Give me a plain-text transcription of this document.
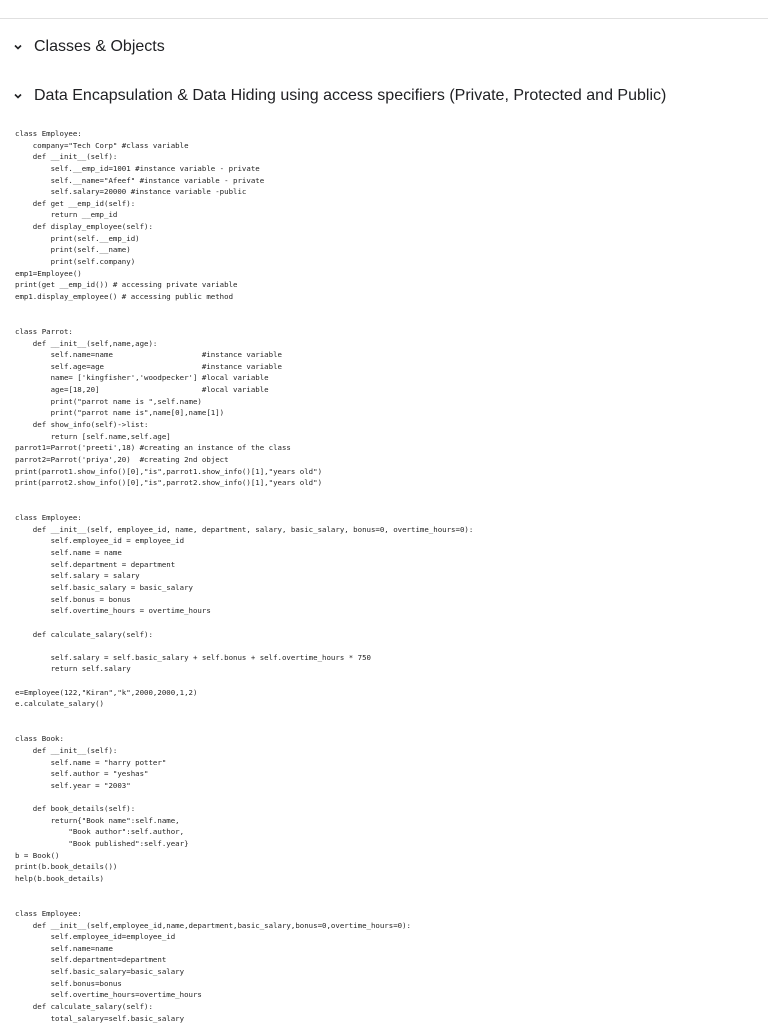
Classes & Objects
Data Encapsulation & Data Hiding using access specifiers (Private, Protected and Public)
class Employee:
company="Tech Corp" #class variable
def __init__(self):
self.__emp_id=1001 #instance variable - private
self.__name="Afeef" #instance variable - private
self.salary=20000 #instance variable -public
def get __emp_id(self):
return __emp_id
def display_employee(self):
print(self.__emp_id)
print(self.__name)
print(self.company)
emp1=Employee()
print(get __emp_id()) # accessing private variable
emp1.display_employee() # accessing public method
class Parrot:
def __init__(self,name,age):
self.name=name                    #instance variable
self.age=age                      #instance variable
name= ['kingfisher','woodpecker'] #local variable
age=[18,20]                       #local variable
print("parrot name is ",self.name)
print("parrot name is",name[0],name[1])
def show_info(self)->list:
return [self.name,self.age]
parrot1=Parrot('preeti',18) #creating an instance of the class
parrot2=Parrot('priya',20)  #creating 2nd object
print(parrot1.show_info()[0],"is",parrot1.show_info()[1],"years old")
print(parrot2.show_info()[0],"is",parrot2.show_info()[1],"years old")
class Employee:
def __init__(self, employee_id, name, department, salary, basic_salary, bonus=0, overtime_hours=0):
self.employee_id = employee_id
self.name = name
self.department = department
self.salary = salary
self.basic_salary = basic_salary
self.bonus = bonus
self.overtime_hours = overtime_hours
def calculate_salary(self):
self.salary = self.basic_salary + self.bonus + self.overtime_hours * 750
return self.salary
e=Employee(122,"Kiran","k",2000,2000,1,2)
e.calculate_salary()
class Book:
def __init__(self):
self.name = "harry potter"
self.author = "yeshas"
self.year = "2003"
def book_details(self):
return{"Book name":self.name,
"Book author":self.author,
"Book published":self.year}
b = Book()
print(b.book_details())
help(b.book_details)
class Employee:
def __init__(self,employee_id,name,department,basic_salary,bonus=0,overtime_hours=0):
self.employee_id=employee_id
self.name=name
self.department=department
self.basic_salary=basic_salary
self.bonus=bonus
self.overtime_hours=overtime_hours
def calculate_salary(self):
total_salary=self.basic_salary
